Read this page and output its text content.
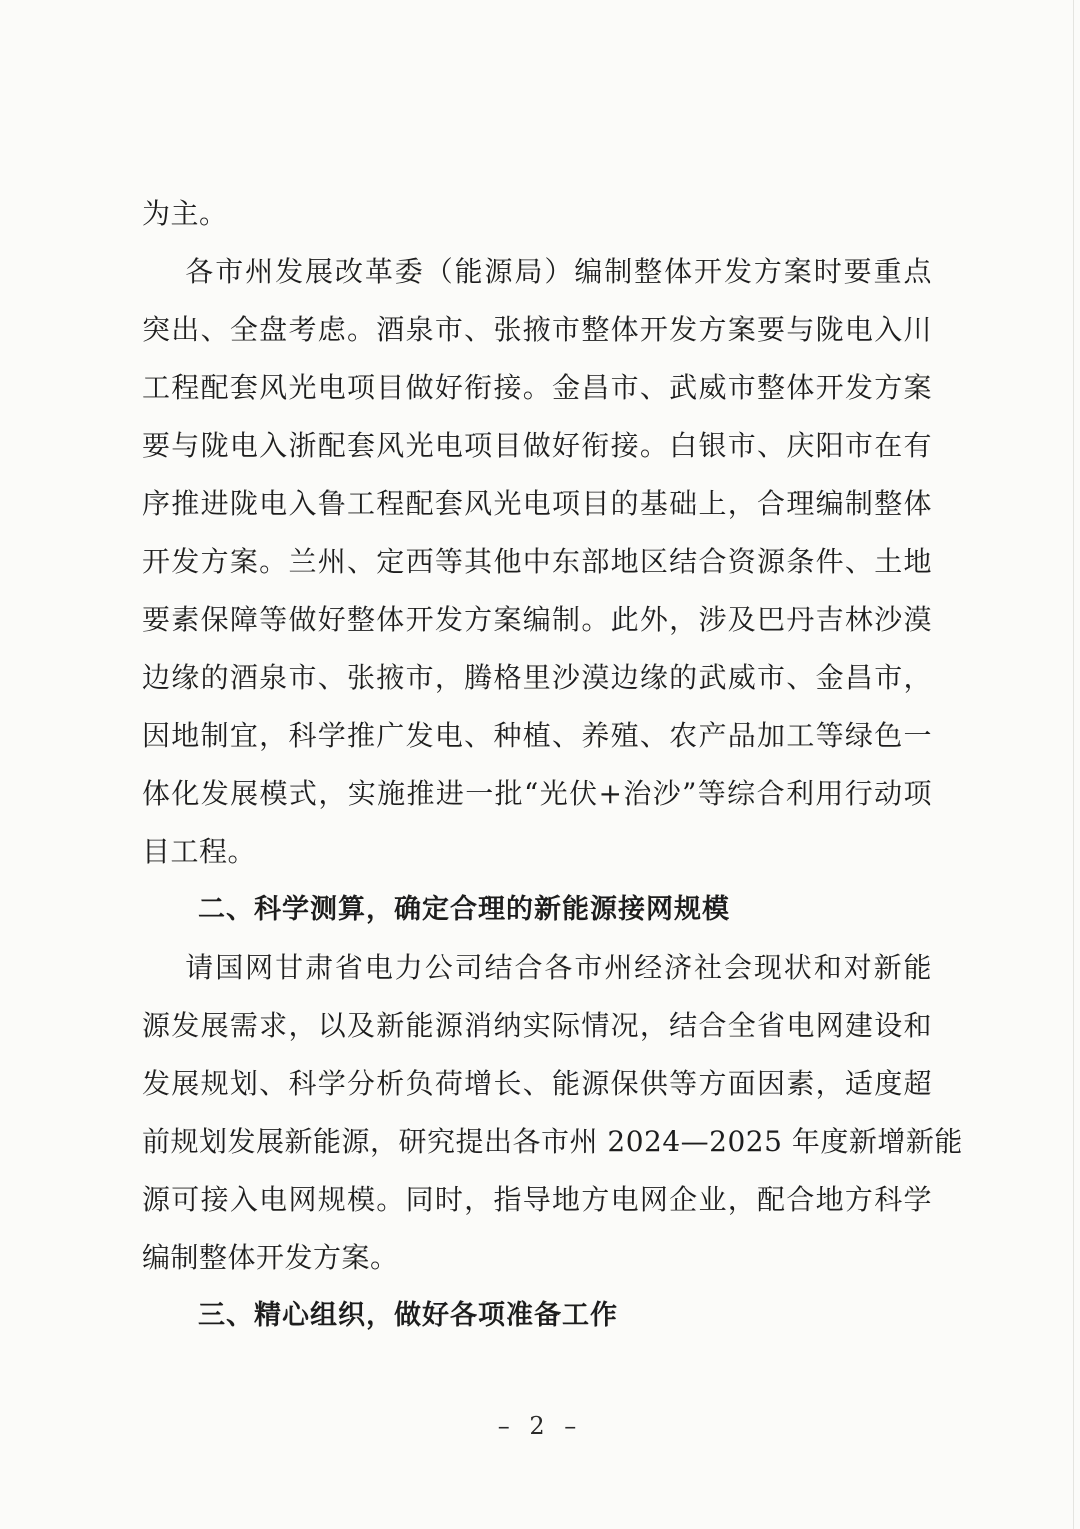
为主。
各市州发展改革委（能源局）编制整体开发方案时要重点
突出、全盘考虑。酒泉市、张掖市整体开发方案要与陇电入川
工程配套风光电项目做好衔接。金昌市、武威市整体开发方案
要与陇电入浙配套风光电项目做好衔接。白银市、庆阳市在有
序推进陇电入鲁工程配套风光电项目的基础上，合理编制整体
开发方案。兰州、定西等其他中东部地区结合资源条件、土地
要素保障等做好整体开发方案编制。此外，涉及巴丹吉林沙漠
边缘的酒泉市、张掖市，腾格里沙漠边缘的武威市、金昌市，
因地制宜，科学推广发电、种植、养殖、农产品加工等绿色一
体化发展模式，实施推进一批“光伏+治沙”等综合利用行动项
目工程。
二、科学测算，确定合理的新能源接网规模
请国网甘肃省电力公司结合各市州经济社会现状和对新能
源发展需求，以及新能源消纳实际情况，结合全省电网建设和
发展规划、科学分析负荷增长、能源保供等方面因素，适度超
前规划发展新能源，研究提出各市州 2024—2025 年度新增新能
源可接入电网规模。同时，指导地方电网企业，配合地方科学
编制整体开发方案。
三、精心组织，做好各项准备工作
– 2 –
